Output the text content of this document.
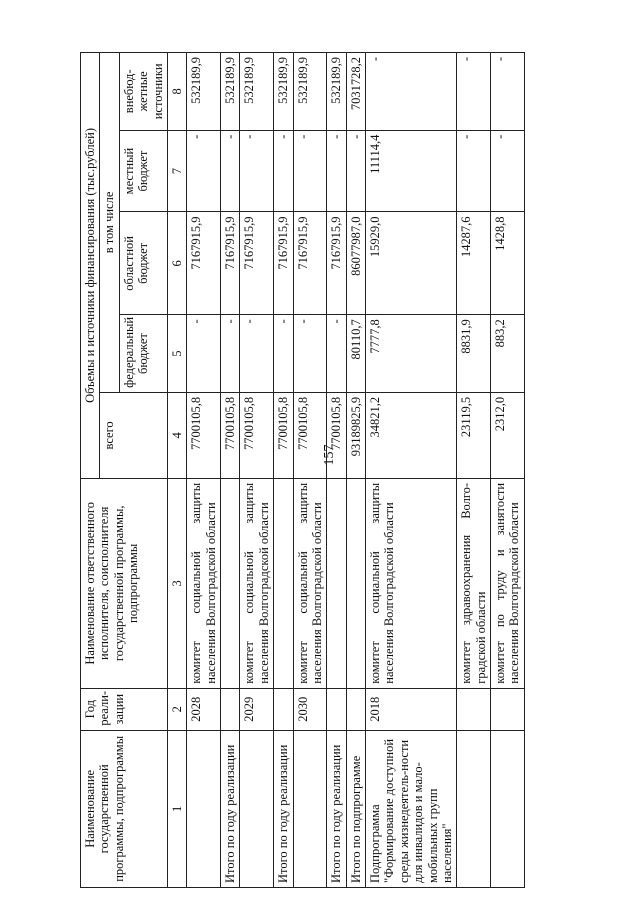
157
Наименование государственной программы, подпрограммы	Год реали-зации	Наименование ответственного исполнителя, соисполнителя государственной программы, подпрограммы	Объемы и источники финансирования (тыс.рублей)				
			всего	в том числе			
				федеральный бюджет	областной бюджет	местный бюджет	внебюд-жетные источники
1	2	3	4	5	6	7	8
	2028	комитет социальной защиты населения Волгоградской области	7700105,8	-	7167915,9	-	532189,9
Итого по году реализации			7700105,8	-	7167915,9	-	532189,9
	2029	комитет социальной защиты населения Волгоградской области	7700105,8	-	7167915,9	-	532189,9
Итого по году реализации			7700105,8	-	7167915,9	-	532189,9
	2030	комитет социальной защиты населения Волгоградской области	7700105,8	-	7167915,9	-	532189,9
Итого по году реализации			7700105,8	-	7167915,9	-	532189,9
Итого по подпрограмме			93189825,9	80110,7	86077987,0	-	7031728,2
Подпрограмма "Формирование доступной среды жизнедеятель-ности для инвалидов и мало-мобильных групп населения"	2018	комитет социальной защиты населения Волгоградской области	34821,2	7777,8	15929,0	11114,4	-
		комитет здравоохранения Волго-градской области	23119,5	8831,9	14287,6	-	-
		комитет по труду и занятости населения Волгоградской области	2312,0	883,2	1428,8	-	-
